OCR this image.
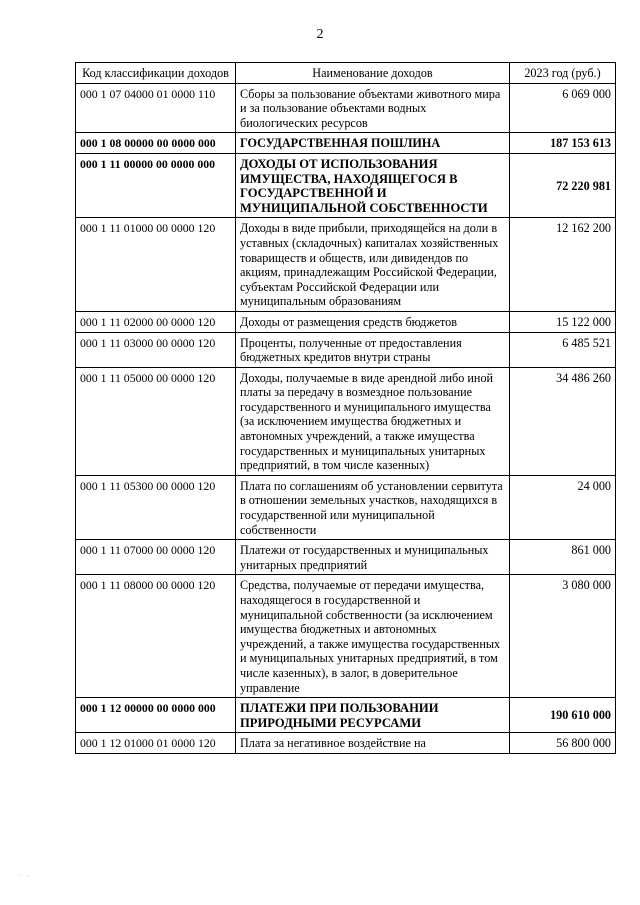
2
Код классификации доходов	Наименование доходов	2023 год (руб.)
000 1 07 04000 01 0000 110	Сборы за пользование объектами животного мира и за пользование объектами водных биологических ресурсов	6 069 000
000 1 08 00000 00 0000 000	ГОСУДАРСТВЕННАЯ ПОШЛИНА	187 153 613
000 1 11 00000 00 0000 000	ДОХОДЫ ОТ ИСПОЛЬЗОВАНИЯ ИМУЩЕСТВА, НАХОДЯЩЕГОСЯ В ГОСУДАРСТВЕННОЙ И МУНИЦИПАЛЬНОЙ СОБСТВЕННОСТИ	72 220 981
000 1 11 01000 00 0000 120	Доходы в виде прибыли, приходящейся на доли в уставных (складочных) капиталах хозяйственных товариществ и обществ, или дивидендов по акциям, принадлежащим Российской Федерации, субъектам Российской Федерации или муниципальным образованиям	12 162 200
000 1 11 02000 00 0000 120	Доходы от размещения средств бюджетов	15 122 000
000 1 11 03000 00 0000 120	Проценты, полученные от предоставления бюджетных кредитов внутри страны	6 485 521
000 1 11 05000 00 0000 120	Доходы, получаемые в виде арендной либо иной платы за передачу в возмездное пользование государственного и муниципального имущества (за исключением имущества бюджетных и автономных учреждений, а также имущества государственных и муниципальных унитарных предприятий, в том числе казенных)	34 486 260
000 1 11 05300 00 0000 120	Плата по соглашениям об установлении сервитута в отношении земельных участков, находящихся в государственной или муниципальной собственности	24 000
000 1 11 07000 00 0000 120	Платежи от государственных и муниципальных унитарных предприятий	861 000
000 1 11 08000 00 0000 120	Средства, получаемые от передачи имущества, находящегося в государственной и муниципальной собственности (за исключением имущества бюджетных и автономных учреждений, а также имущества государственных и муниципальных унитарных предприятий, в том числе казенных), в залог, в доверительное управление	3 080 000
000 1 12 00000 00 0000 000	ПЛАТЕЖИ ПРИ ПОЛЬЗОВАНИИ ПРИРОДНЫМИ РЕСУРСАМИ	190 610 000
000 1 12 01000 01 0000 120	Плата за негативное воздействие на	56 800 000
